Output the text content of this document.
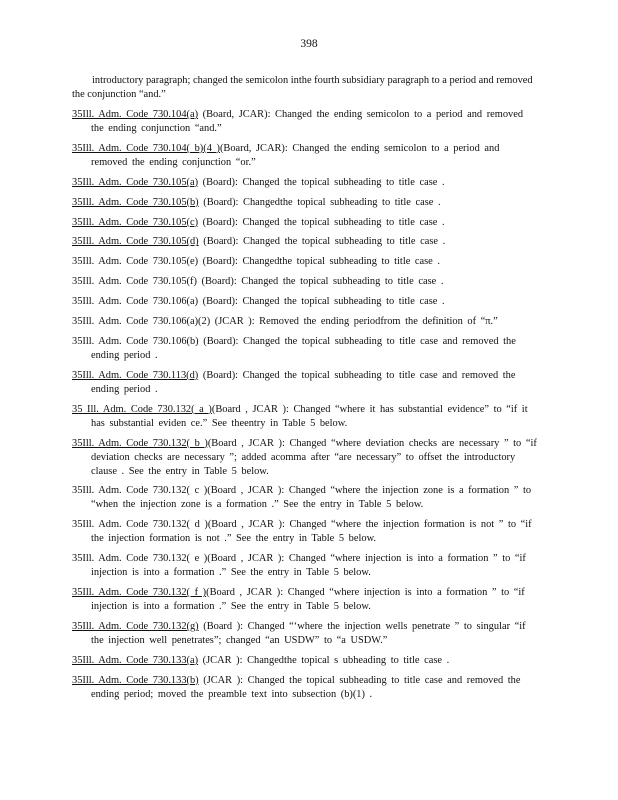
398
introductory paragraph; changed the semicolon inthe fourth subsidiary paragraph to a period and removed the conjunction “and.”

35Ill. Adm. Code 730.104(a) (Board, JCAR): Changed the ending semicolon to a period and removed the ending conjunction “and.”

35Ill. Adm. Code 730.104( b)(4 )(Board, JCAR): Changed the ending semicolon to a period and removed the ending conjunction “or.”

35Ill. Adm. Code 730.105(a) (Board): Changed the topical subheading to title case .

35Ill. Adm. Code 730.105(b) (Board): Changedthe topical subheading to title case .

35Ill. Adm. Code 730.105(c) (Board): Changed the topical subheading to title case .

35Ill. Adm. Code 730.105(d) (Board): Changed the topical subheading to title case .

35Ill. Adm. Code 730.105(e) (Board): Changedthe topical subheading to title case .

35Ill. Adm. Code 730.105(f) (Board): Changed the topical subheading to title case .

35Ill. Adm. Code 730.106(a) (Board): Changed the topical subheading to title case .

35Ill. Adm. Code 730.106(a)(2) (JCAR ): Removed the ending periodfrom the definition of “π.”

35Ill. Adm. Code 730.106(b) (Board): Changed the topical subheading to title case and removed the ending period .

35Ill. Adm. Code 730.113(d) (Board): Changed the topical subheading to title case and removed the ending period .

35 Ill. Adm. Code 730.132( a )(Board , JCAR ): Changed “where it has substantial evidence” to “if it has substantial eviden ce.” See theentry in Table 5 below.

35Ill. Adm. Code 730.132( b )(Board , JCAR ): Changed “where deviation checks are necessary ” to “if deviation checks are necessary ”; added acomma after “are necessary” to offset the introductory clause . See the entry in Table 5 below.

35Ill. Adm. Code 730.132( c )(Board , JCAR ): Changed “where the injection zone is a formation ” to “when the injection zone is a formation .” See the entry in Table 5 below.

35Ill. Adm. Code 730.132( d )(Board , JCAR ): Changed “where the injection formation is not ” to “if the injection formation is not .” See the entry in Table 5 below.

35Ill. Adm. Code 730.132( e )(Board , JCAR ): Changed “where injection is into a formation ” to “if injection is into a formation .” See the entry in Table 5 below.

35Ill. Adm. Code 730.132( f )(Board , JCAR ): Changed “where injection is into a formation ” to “if injection is into a formation .” See the entry in Table 5 below.

35Ill. Adm. Code 730.132(g) (Board ): Changed “‘where the injection wells penetrate ” to singular “if the injection well penetrates”; changed “an USDW” to “a USDW.”

35Ill. Adm. Code 730.133(a) (JCAR ): Changedthe topical s ubheading to title case .

35Ill. Adm. Code 730.133(b) (JCAR ): Changed the topical subheading to title case and removed the ending period; moved the preamble text into subsection (b)(1) .
